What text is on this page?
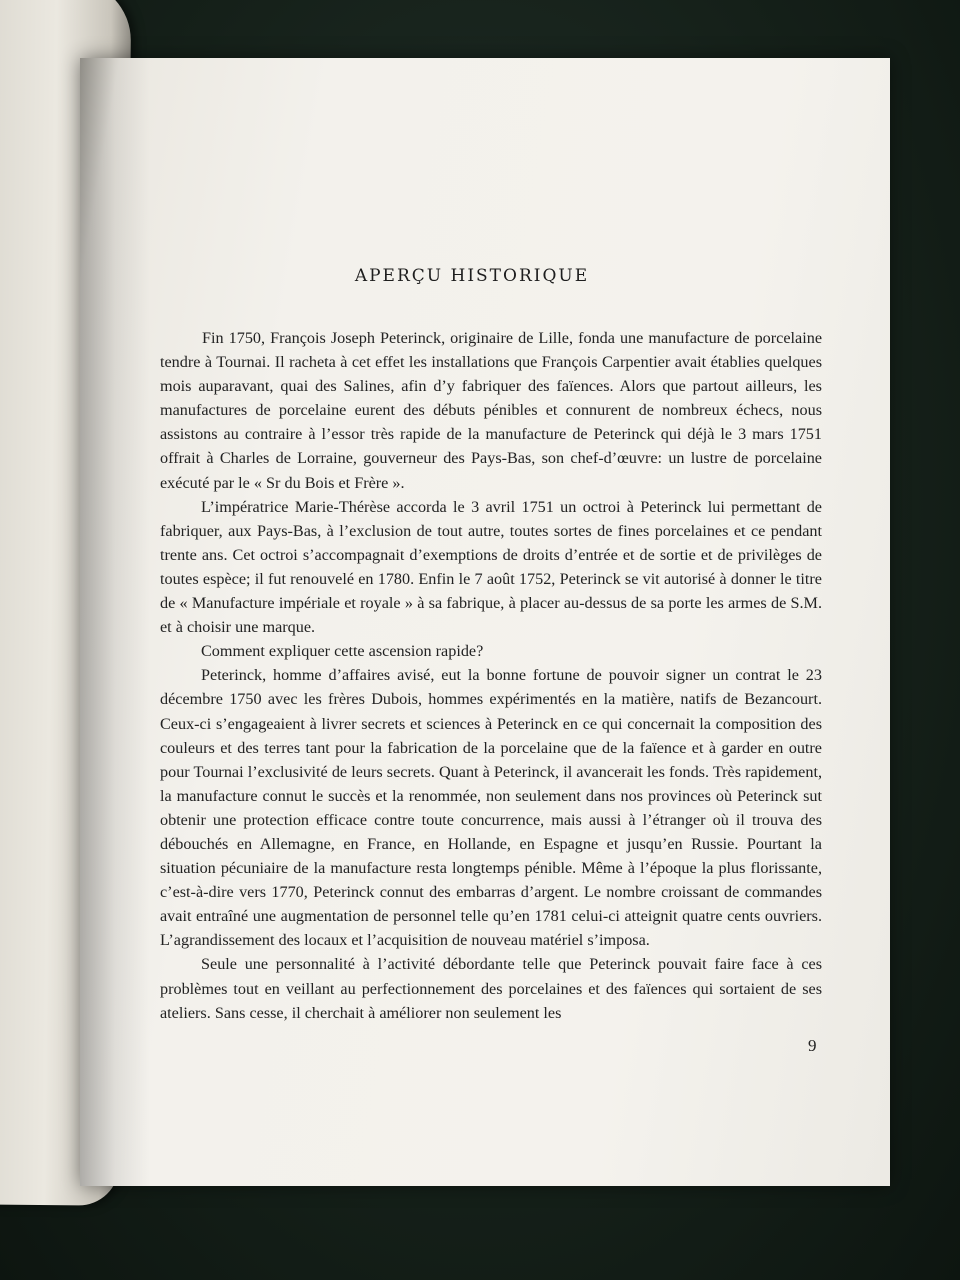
APERÇU HISTORIQUE

Fin 1750, François Joseph Peterinck, originaire de Lille, fonda une manufacture de porcelaine tendre à Tournai. Il racheta à cet effet les installations que François Carpentier avait établies quelques mois auparavant, quai des Salines, afin d’y fabriquer des faïences. Alors que partout ailleurs, les manufactures de porcelaine eurent des débuts pénibles et connurent de nombreux échecs, nous assistons au contraire à l’essor très rapide de la manufacture de Peterinck qui déjà le 3 mars 1751 offrait à Charles de Lorraine, gouverneur des Pays-Bas, son chef-d’œuvre: un lustre de porcelaine exécuté par le « Sr du Bois et Frère ».

L’impératrice Marie-Thérèse accorda le 3 avril 1751 un octroi à Peterinck lui permettant de fabriquer, aux Pays-Bas, à l’exclusion de tout autre, toutes sortes de fines porcelaines et ce pendant trente ans. Cet octroi s’accompagnait d’exemptions de droits d’entrée et de sortie et de privilèges de toutes espèce; il fut renouvelé en 1780. Enfin le 7 août 1752, Peterinck se vit autorisé à donner le titre de « Manufacture impériale et royale » à sa fabrique, à placer au-dessus de sa porte les armes de S.M. et à choisir une marque.

Comment expliquer cette ascension rapide?

Peterinck, homme d’affaires avisé, eut la bonne fortune de pouvoir signer un contrat le 23 décembre 1750 avec les frères Dubois, hommes expérimentés en la matière, natifs de Bezancourt. Ceux-ci s’engageaient à livrer secrets et sciences à Peterinck en ce qui concernait la composition des couleurs et des terres tant pour la fabrication de la porcelaine que de la faïence et à garder en outre pour Tournai l’exclusivité de leurs secrets. Quant à Peterinck, il avancerait les fonds. Très rapidement, la manufacture connut le succès et la renommée, non seulement dans nos provinces où Peterinck sut obtenir une protection efficace contre toute concurrence, mais aussi à l’étranger où il trouva des débouchés en Allemagne, en France, en Hollande, en Espagne et jusqu’en Russie. Pourtant la situation pécuniaire de la manufacture resta longtemps pénible. Même à l’époque la plus florissante, c’est-à-dire vers 1770, Peterinck connut des embarras d’argent. Le nombre croissant de commandes avait entraîné une augmentation de personnel telle qu’en 1781 celui-ci atteignit quatre cents ouvriers. L’agrandissement des locaux et l’acquisition de nouveau matériel s’imposa.

Seule une personnalité à l’activité débordante telle que Peterinck pouvait faire face à ces problèmes tout en veillant au perfectionnement des porcelaines et des faïences qui sortaient de ses ateliers. Sans cesse, il cherchait à améliorer non seulement les

9
